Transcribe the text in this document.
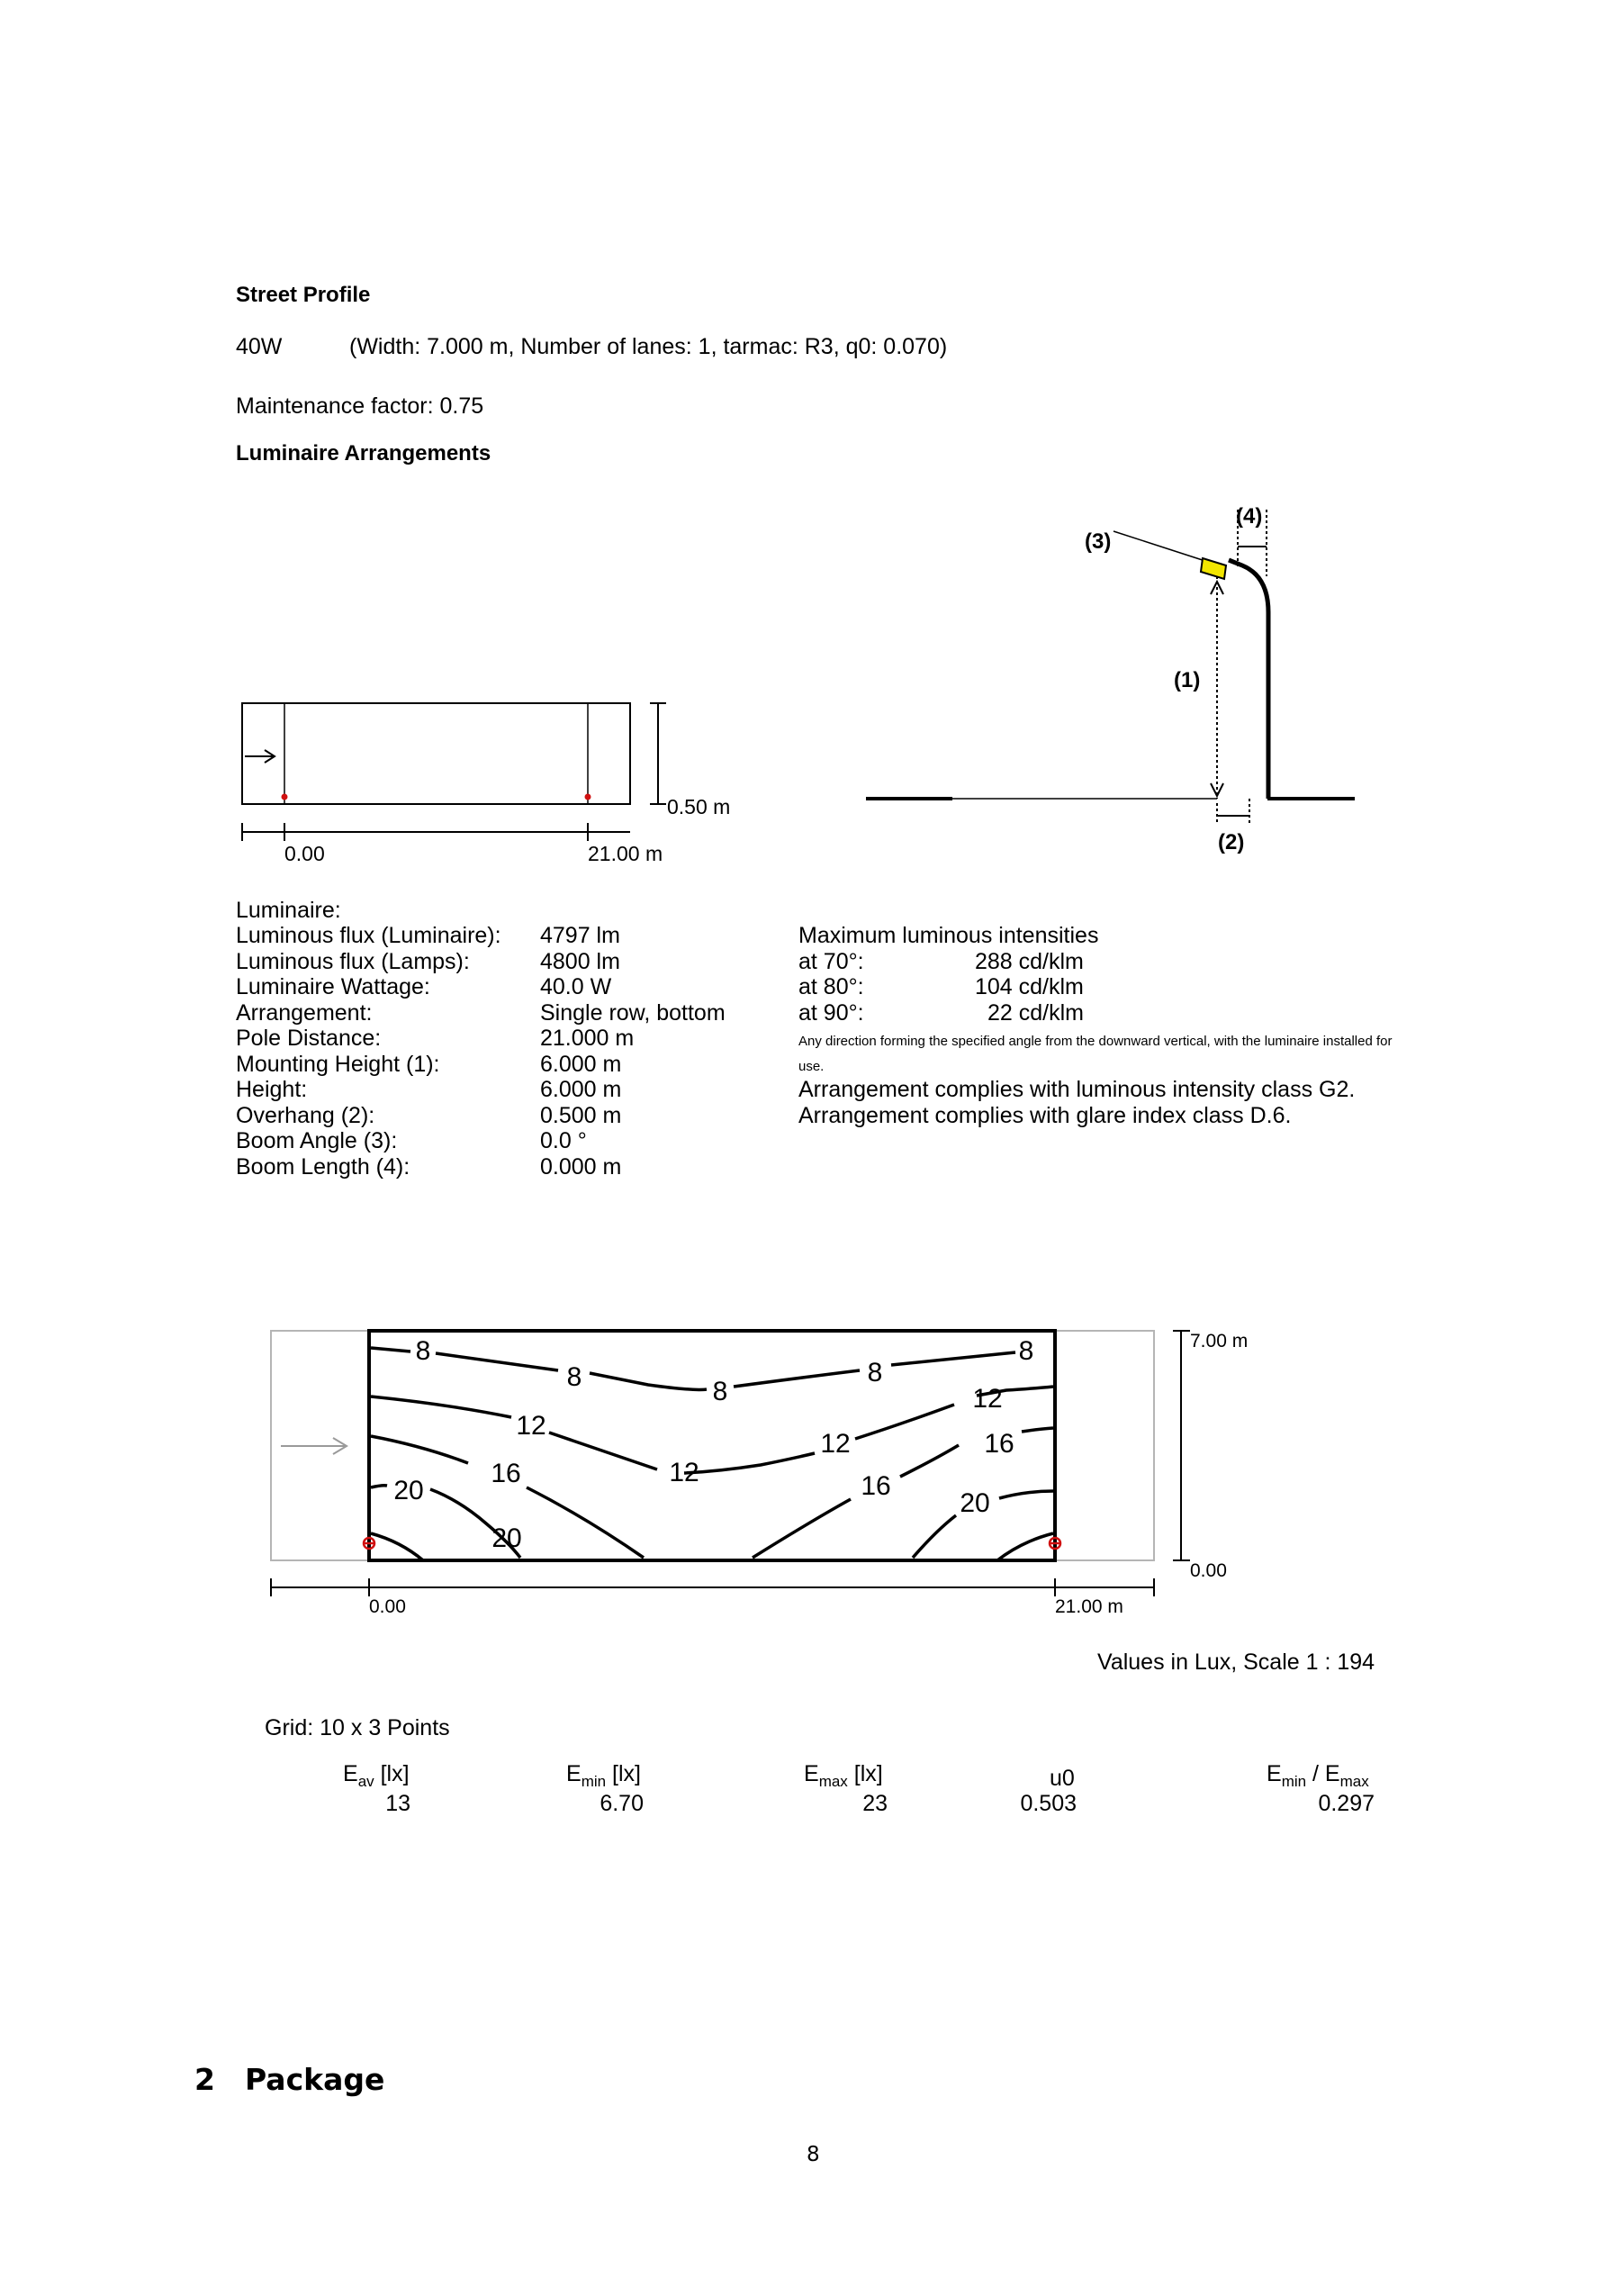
Street Profile
40W	(Width: 7.000 m, Number of lanes: 1, tarmac: R3, q0: 0.070)
Maintenance factor: 0.75
Luminaire Arrangements
0.50 m
0.00	21.00 m
(3)
(4)
(1)
(2)
Luminaire:
Luminous flux (Luminaire): 4797 lm
Luminous flux (Lamps):	4800 lm
Luminaire Wattage:	40.0 W
Arrangement:	Single row, bottom
Pole Distance:	21.000 m
Mounting Height (1):	6.000 m
Height:	6.000 m
Overhang (2):	0.500 m
Boom Angle (3):	0.0 °
Boom Length (4):	0.000 m
Maximum luminous intensities
at 70°:	288 cd/klm
at 80°:	104 cd/klm
at 90°:	22 cd/klm
Any direction forming the specified angle from the downward vertical, with the luminaire installed for use.
Arrangement complies with luminous intensity class G2.
Arrangement complies with glare index class D.6.
8
8	8
8
8
12
12
12
12
16	16
16
20
20
20
7.00 m
0.00
0.00	21.00 m
Values in Lux, Scale 1 : 194
Grid: 10 x 3 Points
$E_{av}$ [lx]	$E_{min}$ [lx]	$E_{max}$ [lx]	u0	$E_{min} / E_{max}$
13	6.70	23	0.503	0.297
2 Package
8
